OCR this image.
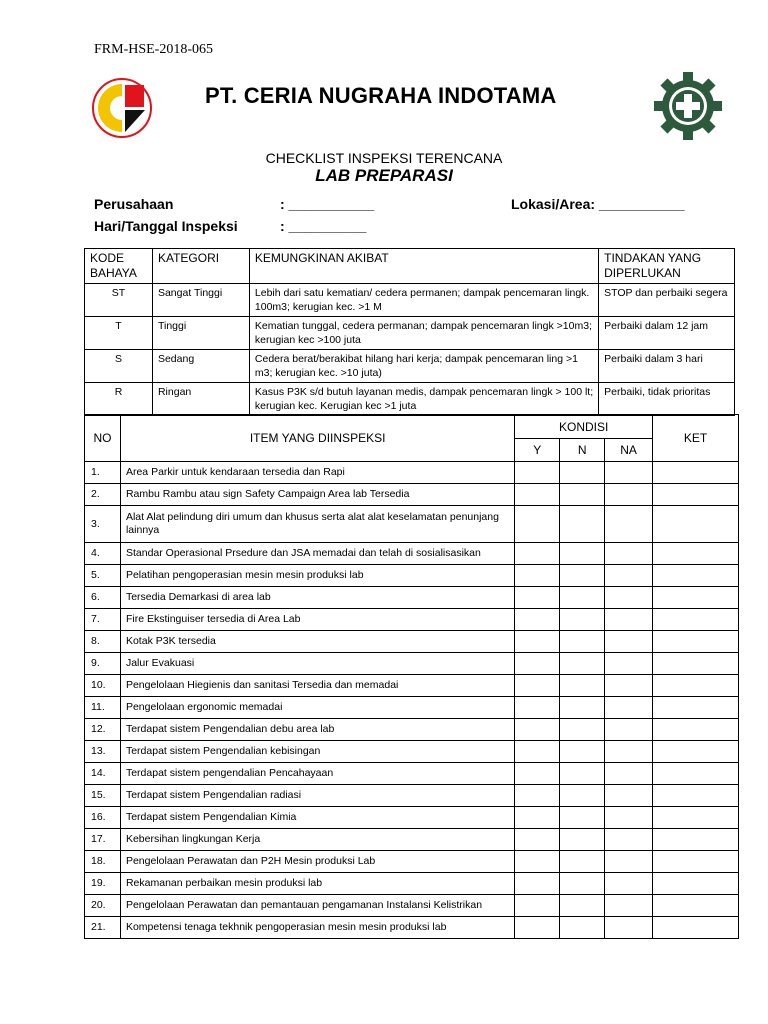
FRM-HSE-2018-065
PT. CERIA NUGRAHA INDOTAMA
CHECKLIST INSPEKSI TERENCANA
LAB PREPARASI
Perusahaan	: ___________	Lokasi/Area: ___________
Hari/Tanggal Inspeksi	: __________
KODE BAHAYA	KATEGORI	KEMUNGKINAN AKIBAT	TINDAKAN YANG DIPERLUKAN
ST	Sangat Tinggi	Lebih dari satu kematian/ cedera permanen; dampak pencemaran lingk. 100m3; kerugian kec. >1 M	STOP dan perbaiki segera
T	Tinggi	Kematian tunggal, cedera permanan; dampak pencemaran lingk >10m3; kerugian kec >100 juta	Perbaiki dalam 12 jam
S	Sedang	Cedera berat/berakibat hilang hari kerja; dampak pencemaran ling >1 m3; kerugian kec. >10 juta)	Perbaiki dalam 3 hari
R	Ringan	Kasus P3K s/d butuh layanan medis, dampak pencemaran lingk > 100 lt; kerugian kec. Kerugian kec >1 juta	Perbaiki, tidak prioritas
NO	ITEM YANG DIINSPEKSI	KONDISI			KET
		Y	N	NA	
1.	Area Parkir untuk kendaraan tersedia dan Rapi				
2.	Rambu Rambu atau sign Safety Campaign Area lab Tersedia				
3.	Alat Alat pelindung diri umum dan khusus serta alat alat keselamatan penunjang lainnya				
4.	Standar Operasional Prsedure dan JSA memadai dan telah di sosialisasikan				
5.	Pelatihan pengoperasian mesin mesin produksi lab				
6.	Tersedia Demarkasi di area lab				
7.	Fire Ekstinguiser tersedia di Area Lab				
8.	Kotak P3K tersedia				
9.	Jalur Evakuasi				
10.	Pengelolaan Hiegienis dan sanitasi Tersedia dan memadai				
11.	Pengelolaan ergonomic memadai				
12.	Terdapat sistem Pengendalian debu area lab				
13.	Terdapat sistem Pengendalian kebisingan				
14.	Terdapat sistem pengendalian Pencahayaan				
15.	Terdapat sistem Pengendalian radiasi				
16.	Terdapat sistem Pengendalian Kimia				
17.	Kebersihan lingkungan Kerja				
18.	Pengelolaan Perawatan dan P2H Mesin produksi Lab				
19.	Rekamanan perbaikan mesin produksi lab				
20.	Pengelolaan Perawatan dan pemantauan pengamanan Instalansi Kelistrikan				
21.	Kompetensi tenaga tekhnik pengoperasian mesin mesin produksi lab				
